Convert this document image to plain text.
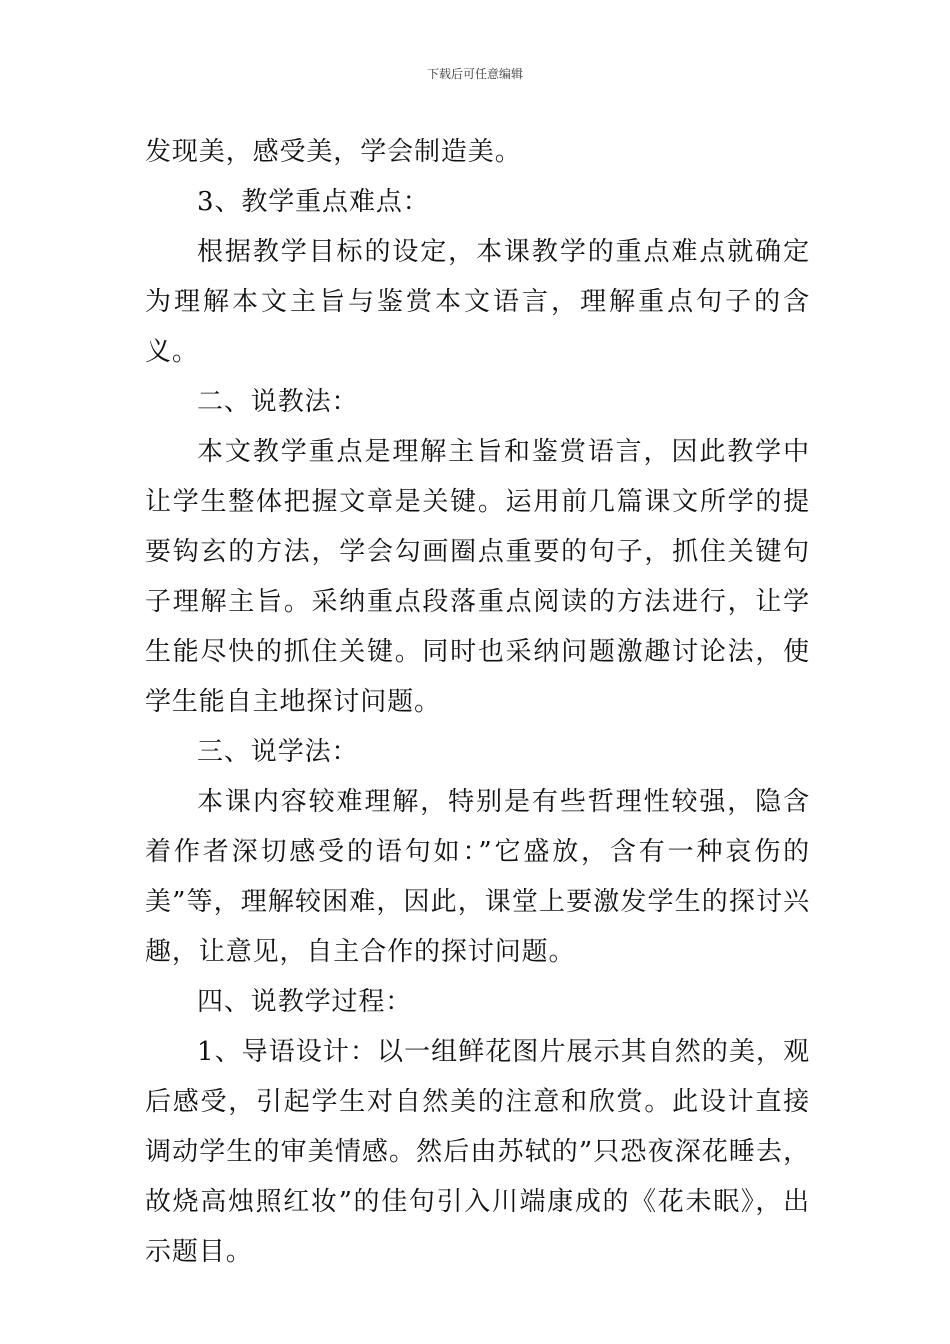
下载后可任意编辑

发现美，感受美，学会制造美。

3、教学重点难点：

根据教学目标的设定，本课教学的重点难点就确定为理解本文主旨与鉴赏本文语言，理解重点句子的含义。

二、说教法：

本文教学重点是理解主旨和鉴赏语言，因此教学中让学生整体把握文章是关键。运用前几篇课文所学的提要钩玄的方法，学会勾画圈点重要的句子，抓住关键句子理解主旨。采纳重点段落重点阅读的方法进行，让学生能尽快的抓住关键。同时也采纳问题激趣讨论法，使学生能自主地探讨问题。

三、说学法：

本课内容较难理解，特别是有些哲理性较强，隐含着作者深切感受的语句如：”它盛放，含有一种哀伤的美”等，理解较困难，因此，课堂上要激发学生的探讨兴趣，让意见，自主合作的探讨问题。

四、说教学过程：

1、导语设计：以一组鲜花图片展示其自然的美，观后感受，引起学生对自然美的注意和欣赏。此设计直接调动学生的审美情感。然后由苏轼的”只恐夜深花睡去，故烧高烛照红妆”的佳句引入川端康成的《花未眠》，出示题目。
